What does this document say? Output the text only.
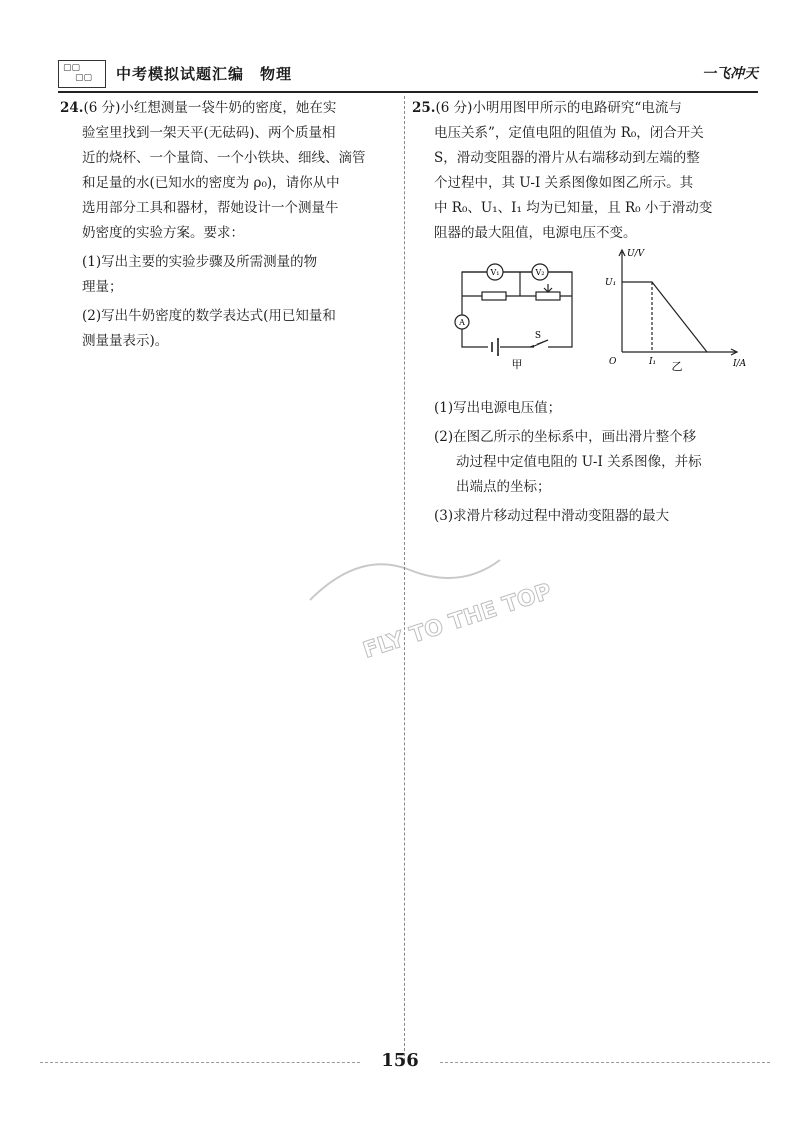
▢▢
▢▢ 中考模拟试题汇编　物理	一飞冲天
24.(6 分)小红想测量一袋牛奶的密度，她在实
验室里找到一架天平(无砝码)、两个质量相
近的烧杯、一个量筒、一个小铁块、细线、滴管
和足量的水(已知水的密度为 ρ₀)，请你从中
选用部分工具和器材，帮她设计一个测量牛
奶密度的实验方案。要求：
(1)写出主要的实验步骤及所需测量的物
理量；
(2)写出牛奶密度的数学表达式(用已知量和
测量量表示)。
25.(6 分)小明用图甲所示的电路研究“电流与
电压关系”，定值电阻的阻值为 R₀，闭合开关
S，滑动变阻器的滑片从右端移动到左端的整
个过程中，其 U-I 关系图像如图乙所示。其
中 R₀、U₁、I₁ 均为已知量，且 R₀ 小于滑动变
阻器的最大阻值，电源电压不变。
V₁	V₂
A
S
甲
U/V
I/A
O
U₁
I₁ 乙
(1)写出电源电压值；
(2)在图乙所示的坐标系中，画出滑片整个移
动过程中定值电阻的 U-I 关系图像，并标
出端点的坐标；
(3)求滑片移动过程中滑动变阻器的最大
FLY TO THE TOP
156
